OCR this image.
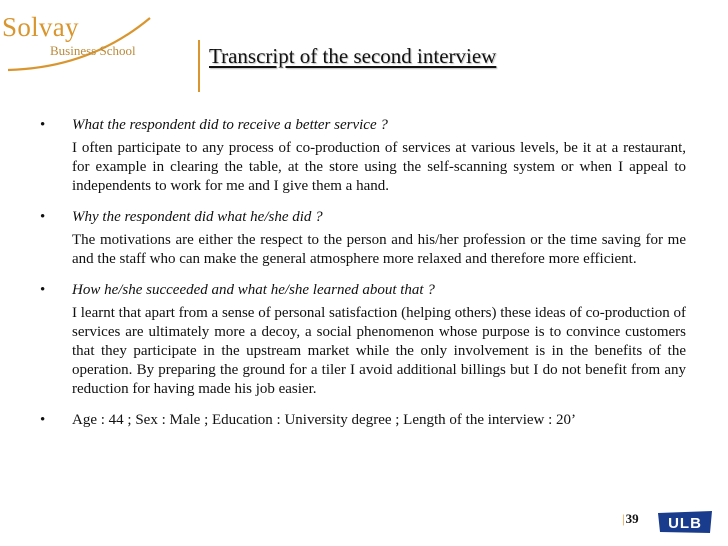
Solvay
Business School	Transcript of the second interview
• What the respondent did to receive a better service ?

I often participate to any process of co-production of services at various levels, be it at a restaurant, for example in clearing the table, at the store using the self-scanning system or when I appeal to independents to work for me and I give them a hand.

• Why the respondent did what he/she did ?

The motivations are either the respect to the person and his/her profession or the time saving for me and the staff who can make the general atmosphere more relaxed and therefore more efficient.

• How he/she succeeded and what he/she learned about that ?

I learnt that apart from a sense of personal satisfaction (helping others) these ideas of co-production of services are ultimately more a decoy, a social phenomenon whose purpose is to convince customers that they participate in the upstream market while the only involvement is in the benefits of the operation. By preparing the ground for a tiler I avoid additional billings but I do not benefit from any reduction for having made his job easier.

• Age : 44 ; Sex : Male ; Education : University degree ; Length of the interview : 20’

| 39 ULB
